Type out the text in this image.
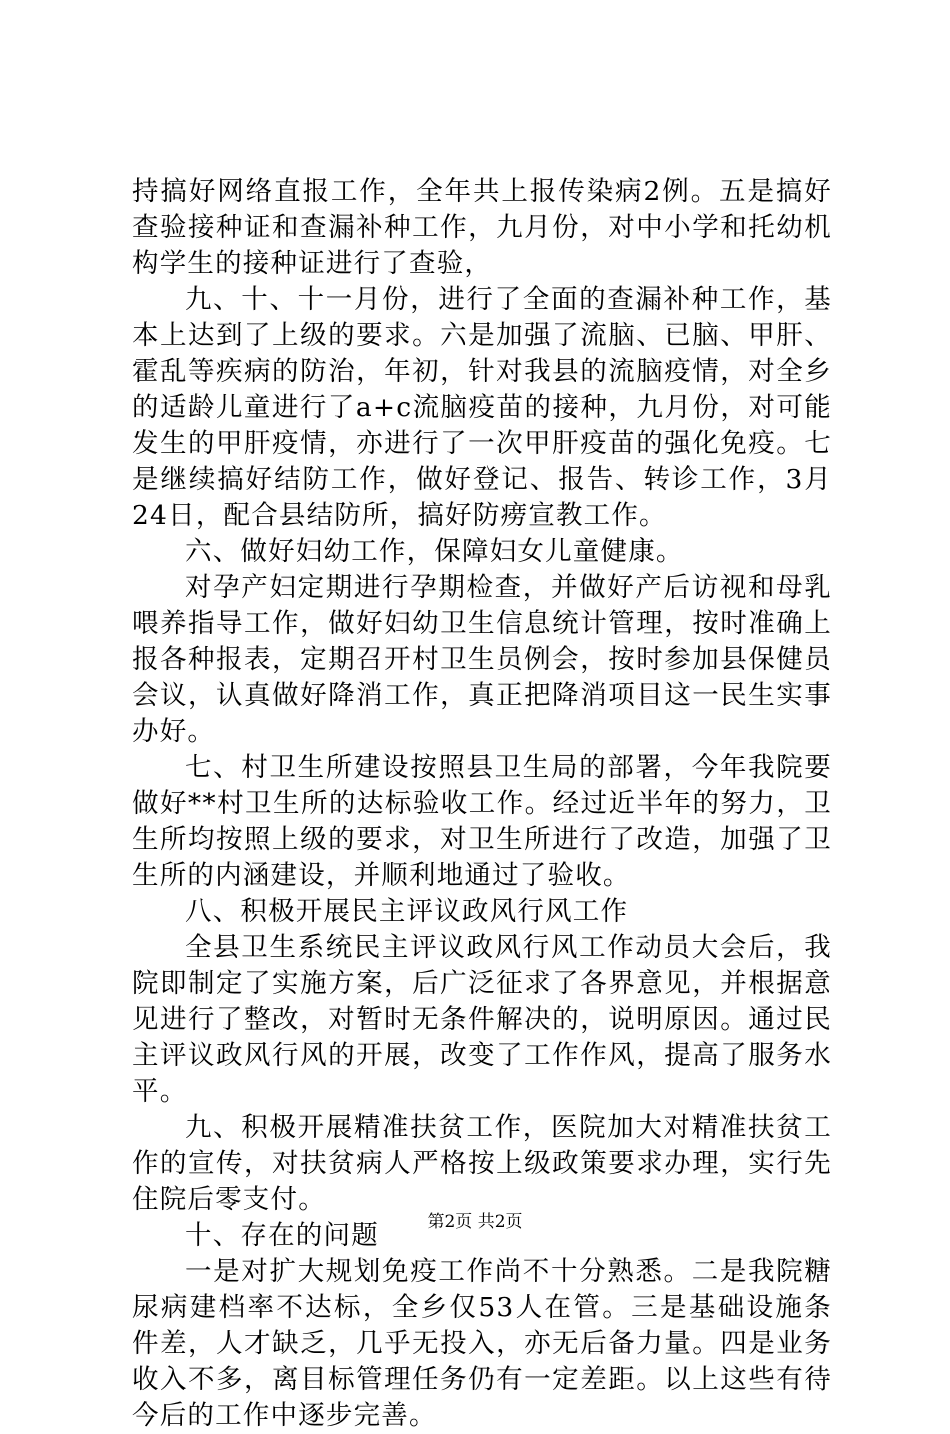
持搞好网络直报工作，全年共上报传染病2例。五是搞好查验接种证和查漏补种工作，九月份，对中小学和托幼机构学生的接种证进行了查验，

九、十、十一月份，进行了全面的查漏补种工作，基本上达到了上级的要求。六是加强了流脑、已脑、甲肝、霍乱等疾病的防治，年初，针对我县的流脑疫情，对全乡的适龄儿童进行了a+c流脑疫苗的接种，九月份，对可能发生的甲肝疫情，亦进行了一次甲肝疫苗的强化免疫。七是继续搞好结防工作，做好登记、报告、转诊工作，3月24日，配合县结防所，搞好防痨宣教工作。

六、做好妇幼工作，保障妇女儿童健康。

对孕产妇定期进行孕期检查，并做好产后访视和母乳喂养指导工作，做好妇幼卫生信息统计管理，按时准确上报各种报表，定期召开村卫生员例会，按时参加县保健员会议，认真做好降消工作，真正把降消项目这一民生实事办好。

七、村卫生所建设按照县卫生局的部署，今年我院要做好**村卫生所的达标验收工作。经过近半年的努力，卫生所均按照上级的要求，对卫生所进行了改造，加强了卫生所的内涵建设，并顺利地通过了验收。

八、积极开展民主评议政风行风工作

全县卫生系统民主评议政风行风工作动员大会后，我院即制定了实施方案，后广泛征求了各界意见，并根据意见进行了整改，对暂时无条件解决的，说明原因。通过民主评议政风行风的开展，改变了工作作风，提高了服务水平。

九、积极开展精准扶贫工作，医院加大对精准扶贫工作的宣传，对扶贫病人严格按上级政策要求办理，实行先住院后零支付。

十、存在的问题

一是对扩大规划免疫工作尚不十分熟悉。二是我院糖尿病建档率不达标，全乡仅53人在管。三是基础设施条件差，人才缺乏，几乎无投入，亦无后备力量。四是业务收入不多，离目标管理任务仍有一定差距。以上这些有待今后的工作中逐步完善。

第2页 共2页
